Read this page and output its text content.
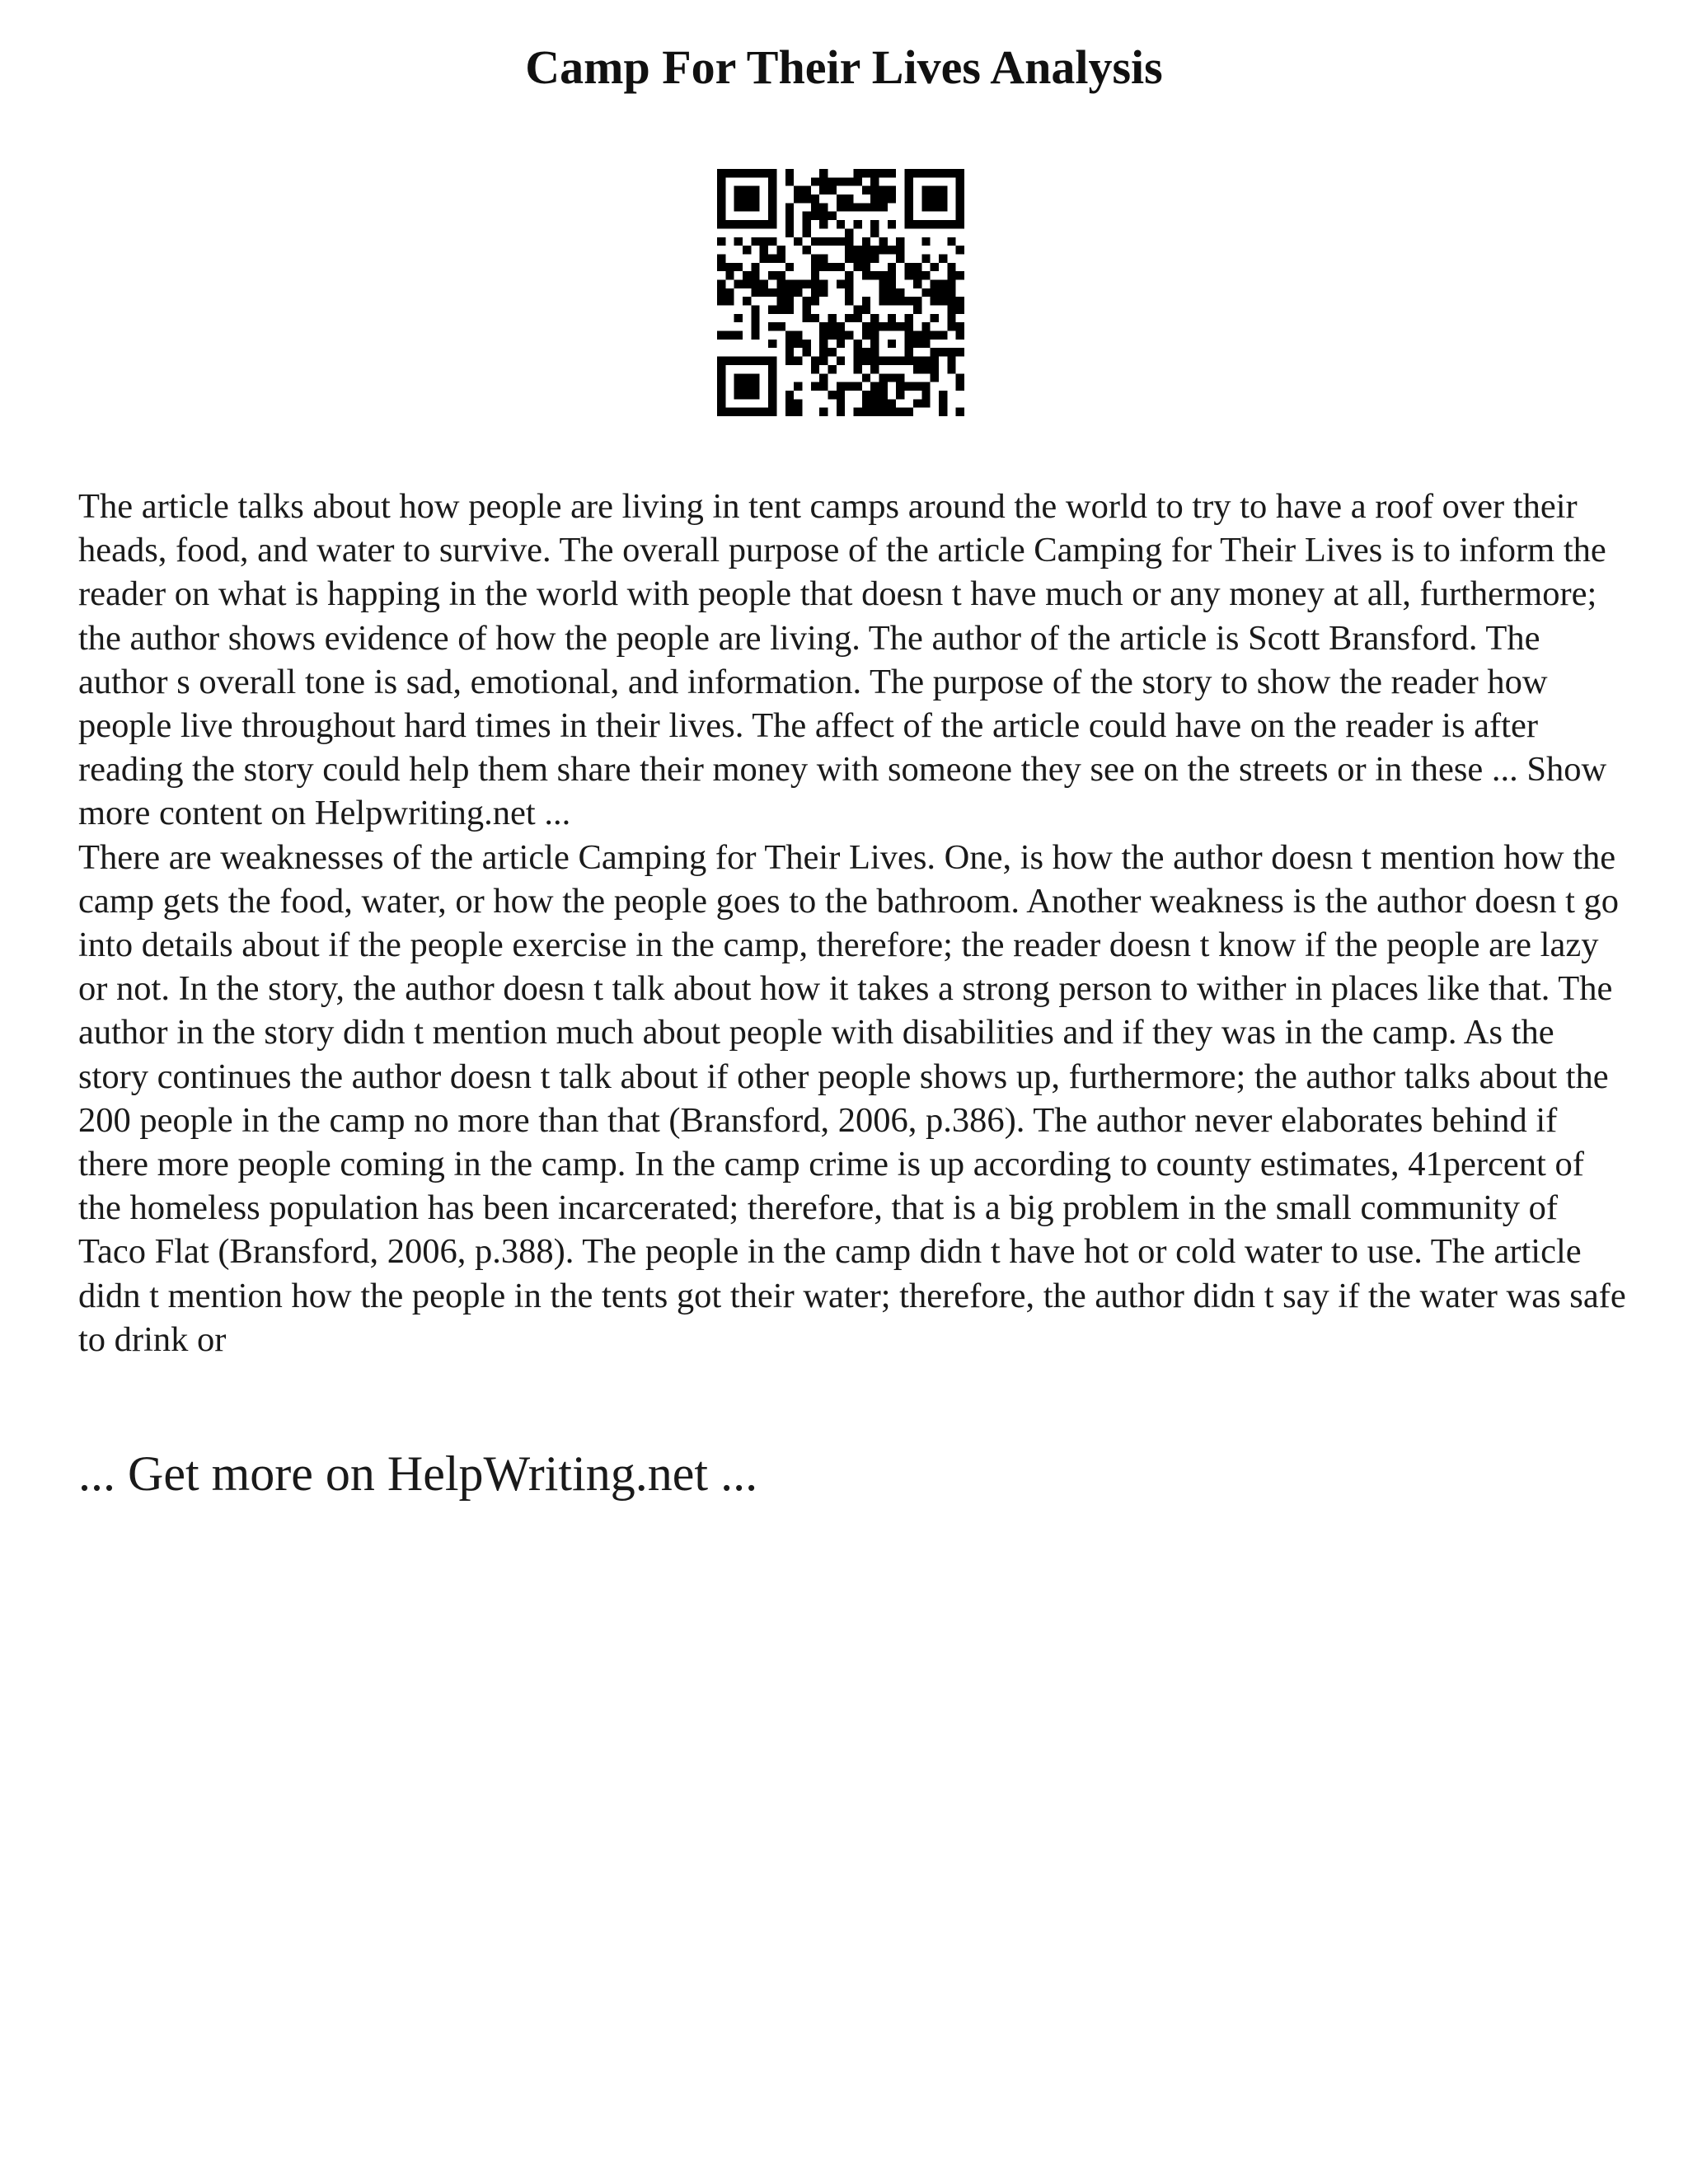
Camp For Their Lives Analysis

The article talks about how people are living in tent camps around the world to try to have a roof over their heads, food, and water to survive. The overall purpose of the article Camping for Their Lives is to inform the reader on what is happing in the world with people that doesn t have much or any money at all, furthermore; the author shows evidence of how the people are living. The author of the article is Scott Bransford. The author s overall tone is sad, emotional, and information. The purpose of the story to show the reader how people live throughout hard times in their lives. The affect of the article could have on the reader is after reading the story could help them share their money with someone they see on the streets or in these ... Show more content on Helpwriting.net ...

There are weaknesses of the article Camping for Their Lives. One, is how the author doesn t mention how the camp gets the food, water, or how the people goes to the bathroom. Another weakness is the author doesn t go into details about if the people exercise in the camp, therefore; the reader doesn t know if the people are lazy or not. In the story, the author doesn t talk about how it takes a strong person to wither in places like that. The author in the story didn t mention much about people with disabilities and if they was in the camp. As the story continues the author doesn t talk about if other people shows up, furthermore; the author talks about the 200 people in the camp no more than that (Bransford, 2006, p.386). The author never elaborates behind if there more people coming in the camp. In the camp crime is up according to county estimates, 41percent of the homeless population has been incarcerated; therefore, that is a big problem in the small community of Taco Flat (Bransford, 2006, p.388). The people in the camp didn t have hot or cold water to use. The article didn t mention how the people in the tents got their water; therefore, the author didn t say if the water was safe to drink or

... Get more on HelpWriting.net ...
